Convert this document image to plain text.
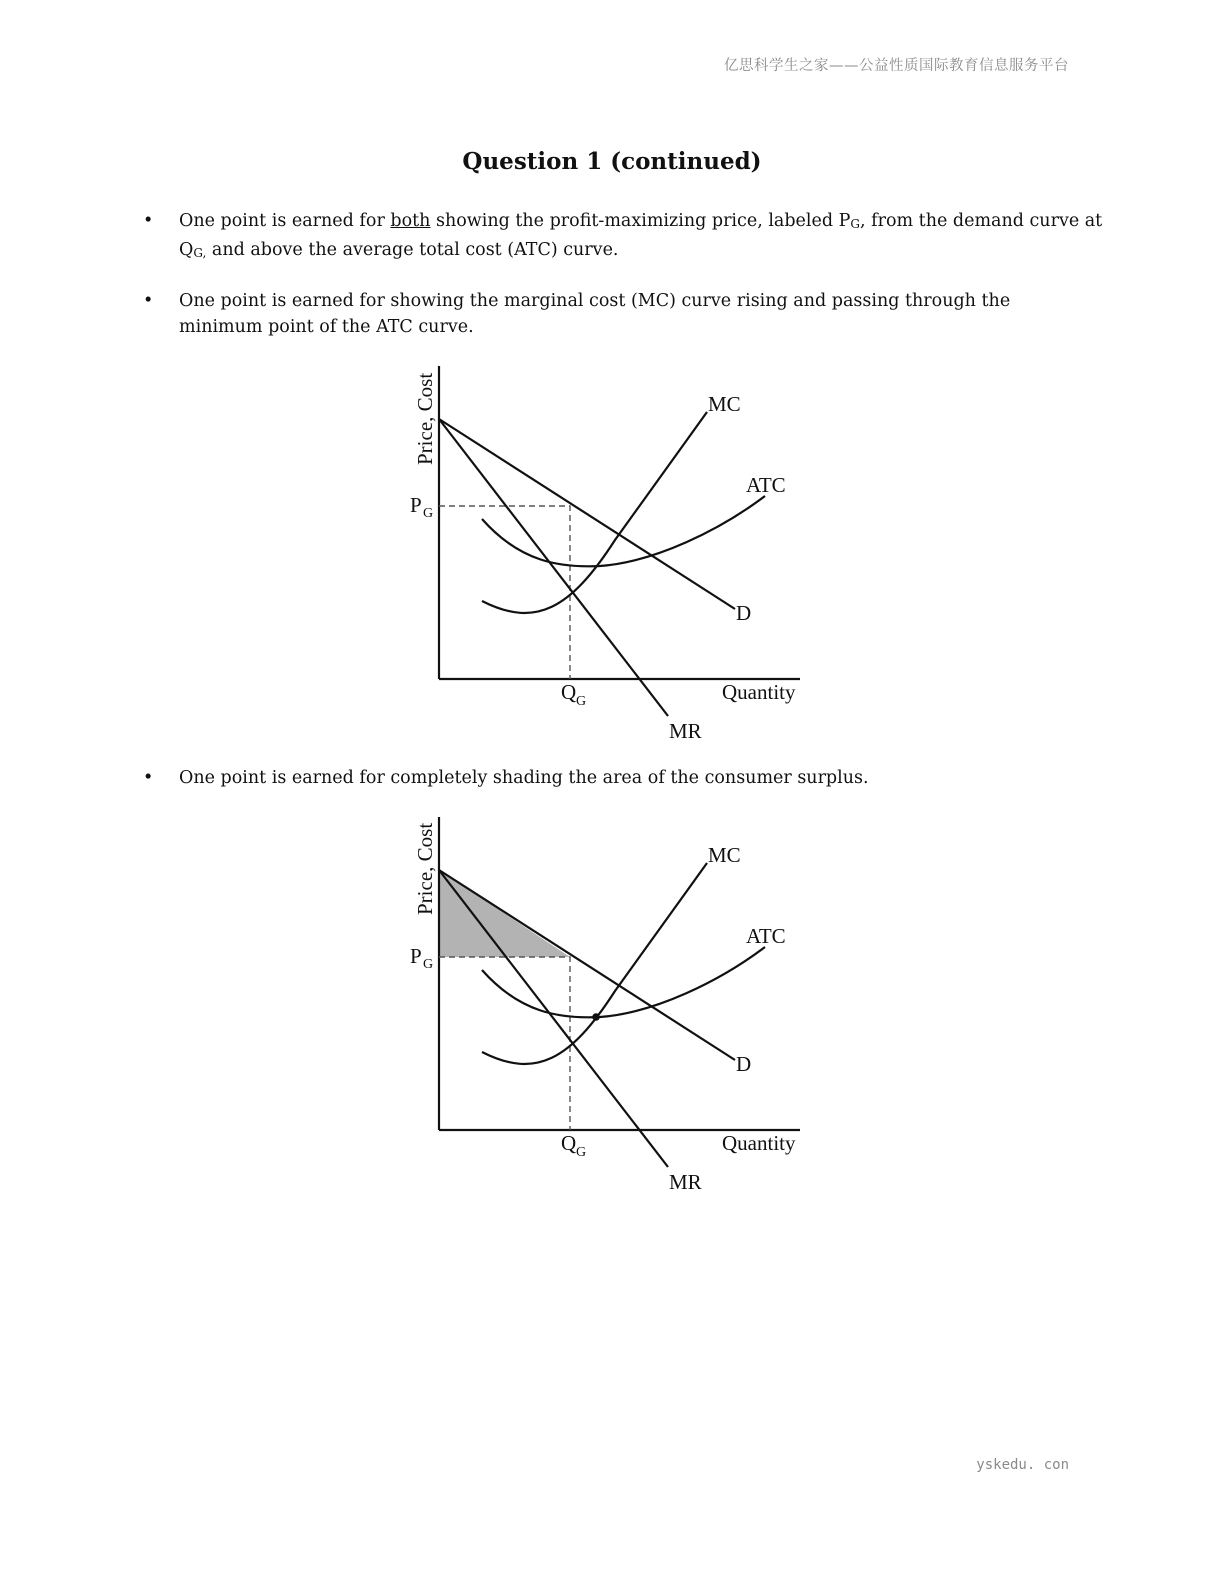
亿思科学生之家——公益性质国际教育信息服务平台
Question 1 (continued)
• One point is earned for both showing the profit-maximizing price, labeled $P_G$, from the demand curve at $Q_{G,}$ and above the average total cost (ATC) curve.
• One point is earned for showing the marginal cost (MC) curve rising and passing through the minimum point of the ATC curve.
Price, Cost
P G
Q G
MC
ATC
D
Quantity
MR
• One point is earned for completely shading the area of the consumer surplus.
Price, Cost
P G
Q G
MC
ATC
D
Quantity
MR
yskedu. con
